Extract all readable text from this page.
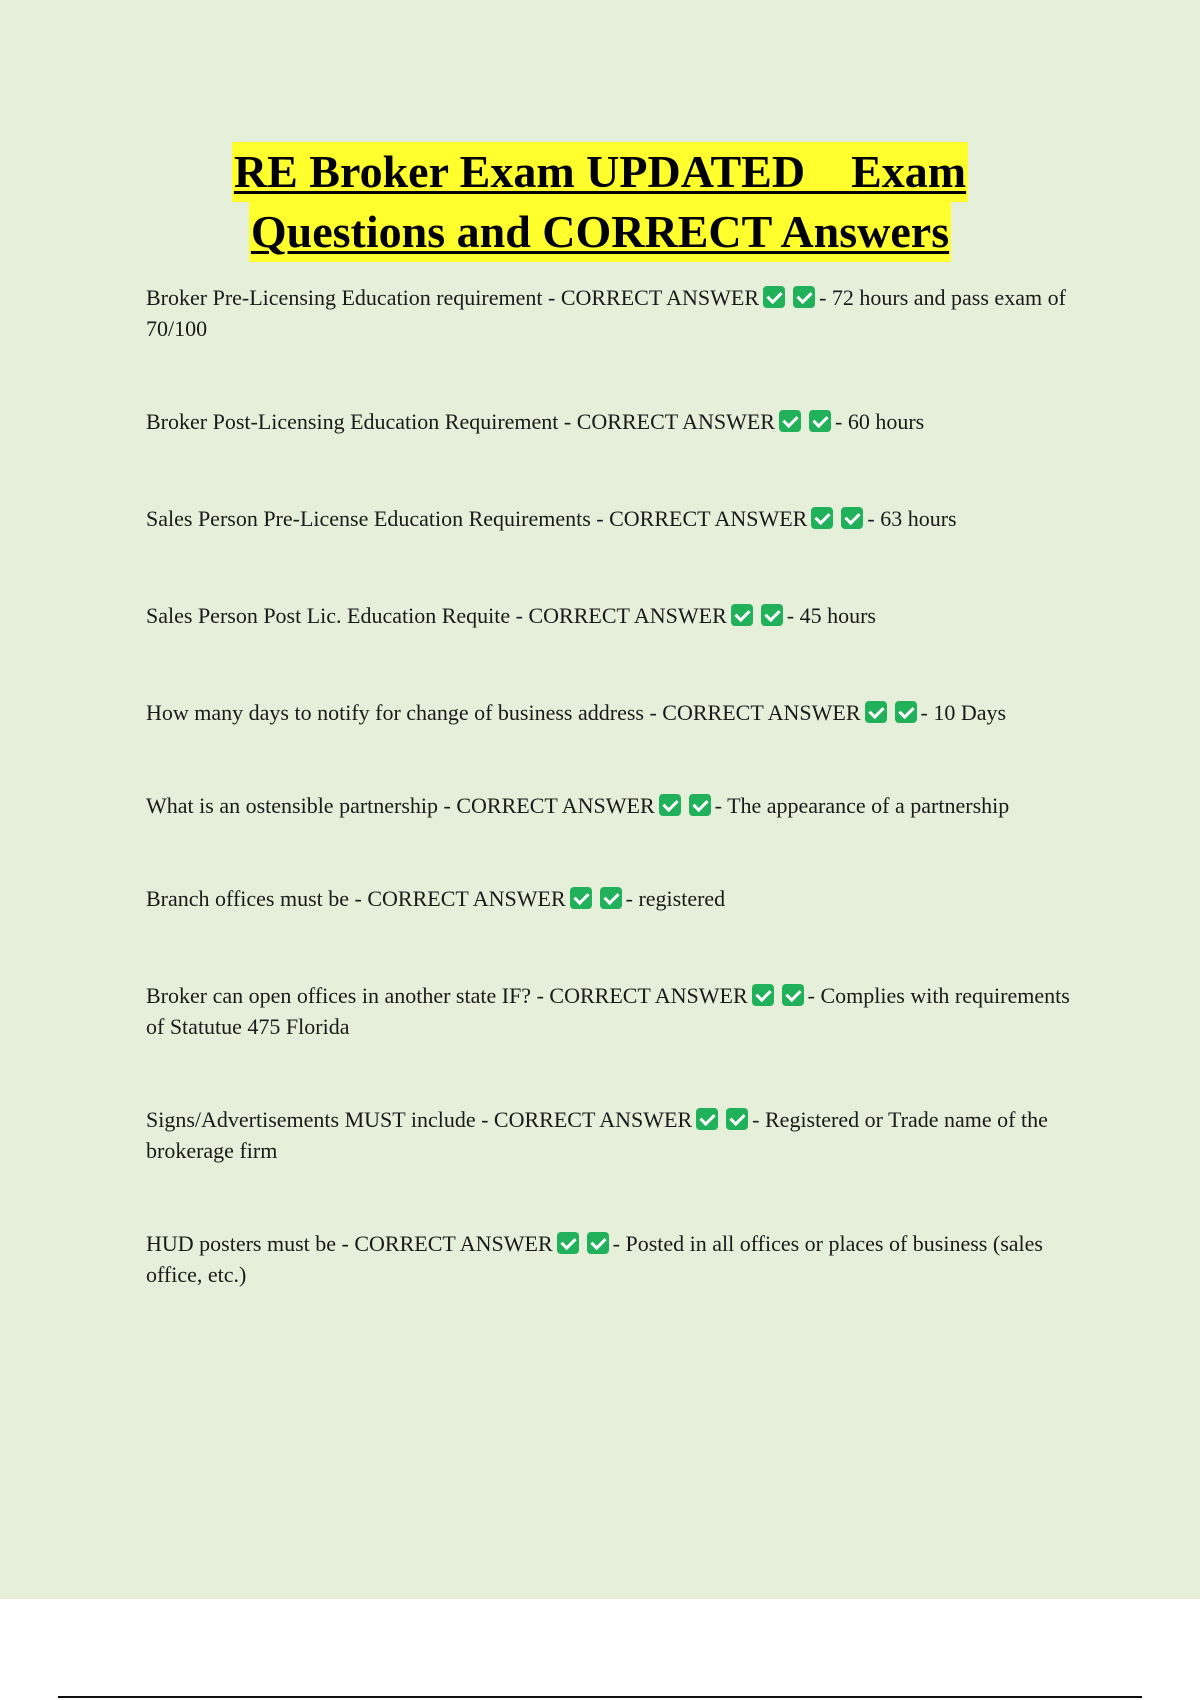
RE Broker Exam UPDATED    Exam
Questions and CORRECT Answers
Broker Pre-Licensing Education requirement - CORRECT ANSWER	- 72 hours and pass exam of 70/100
Broker Post-Licensing Education Requirement - CORRECT ANSWER	- 60 hours
Sales Person Pre-License Education Requirements - CORRECT ANSWER	- 63 hours
Sales Person Post Lic. Education Requite - CORRECT ANSWER	- 45 hours
How many days to notify for change of business address - CORRECT ANSWER	- 10 Days
What is an ostensible partnership - CORRECT ANSWER	- The appearance of a partnership
Branch offices must be - CORRECT ANSWER	- registered
Broker can open offices in another state IF? - CORRECT ANSWER	- Complies with requirements of Statutue 475 Florida
Signs/Advertisements MUST include - CORRECT ANSWER	- Registered or Trade name of the brokerage firm
HUD posters must be - CORRECT ANSWER	- Posted in all offices or places of business (sales office, etc.)
